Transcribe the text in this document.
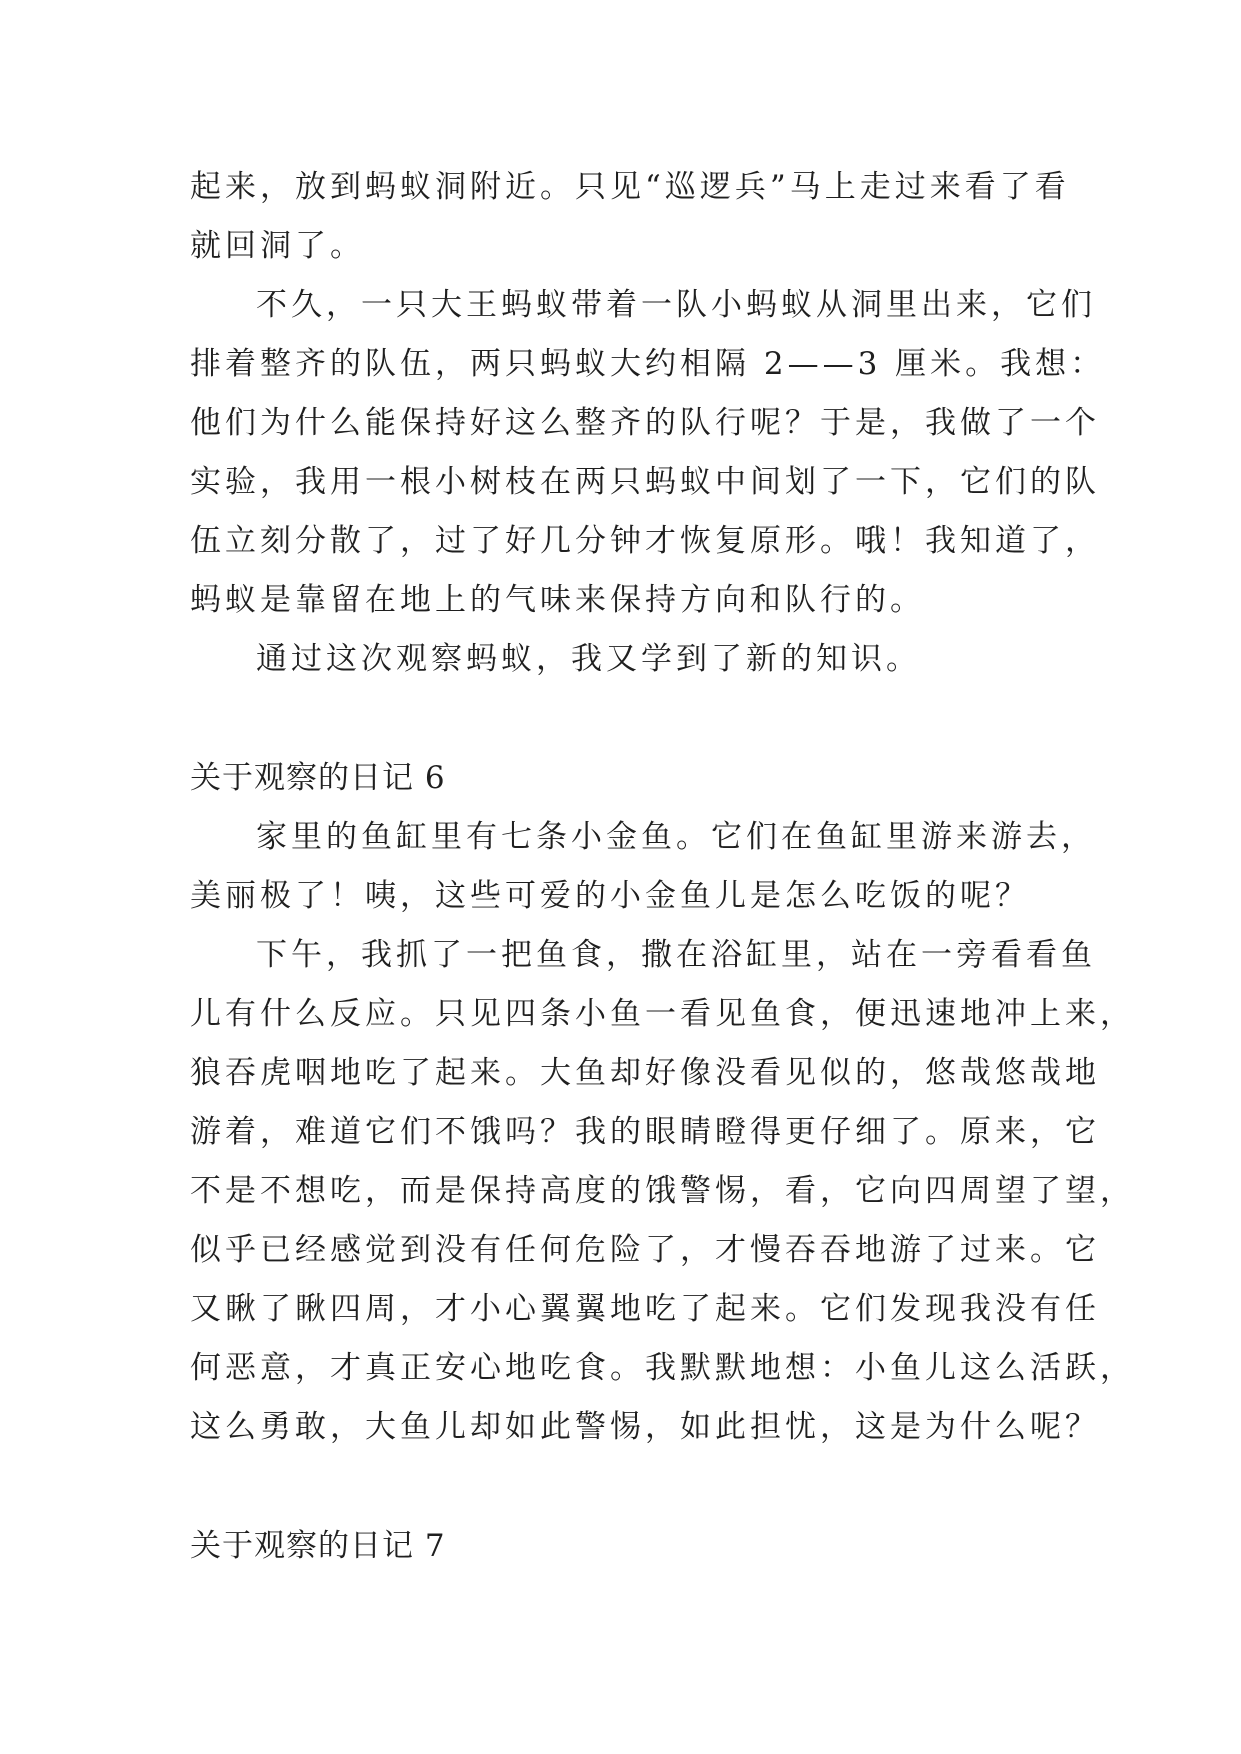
起来，放到蚂蚁洞附近。只见“巡逻兵”马上走过来看了看
就回洞了。
不久，一只大王蚂蚁带着一队小蚂蚁从洞里出来，它们
排着整齐的队伍，两只蚂蚁大约相隔 2——3 厘米。我想：
他们为什么能保持好这么整齐的队行呢？于是，我做了一个
实验，我用一根小树枝在两只蚂蚁中间划了一下，它们的队
伍立刻分散了，过了好几分钟才恢复原形。哦！我知道了，
蚂蚁是靠留在地上的气味来保持方向和队行的。
通过这次观察蚂蚁，我又学到了新的知识。
关于观察的日记 6
家里的鱼缸里有七条小金鱼。它们在鱼缸里游来游去，
美丽极了！咦，这些可爱的小金鱼儿是怎么吃饭的呢？
下午，我抓了一把鱼食，撒在浴缸里，站在一旁看看鱼
儿有什么反应。只见四条小鱼一看见鱼食，便迅速地冲上来，
狼吞虎咽地吃了起来。大鱼却好像没看见似的，悠哉悠哉地
游着，难道它们不饿吗？我的眼睛瞪得更仔细了。原来，它
不是不想吃，而是保持高度的饿警惕，看，它向四周望了望，
似乎已经感觉到没有任何危险了，才慢吞吞地游了过来。它
又瞅了瞅四周，才小心翼翼地吃了起来。它们发现我没有任
何恶意，才真正安心地吃食。我默默地想：小鱼儿这么活跃，
这么勇敢，大鱼儿却如此警惕，如此担忧，这是为什么呢？
关于观察的日记 7
